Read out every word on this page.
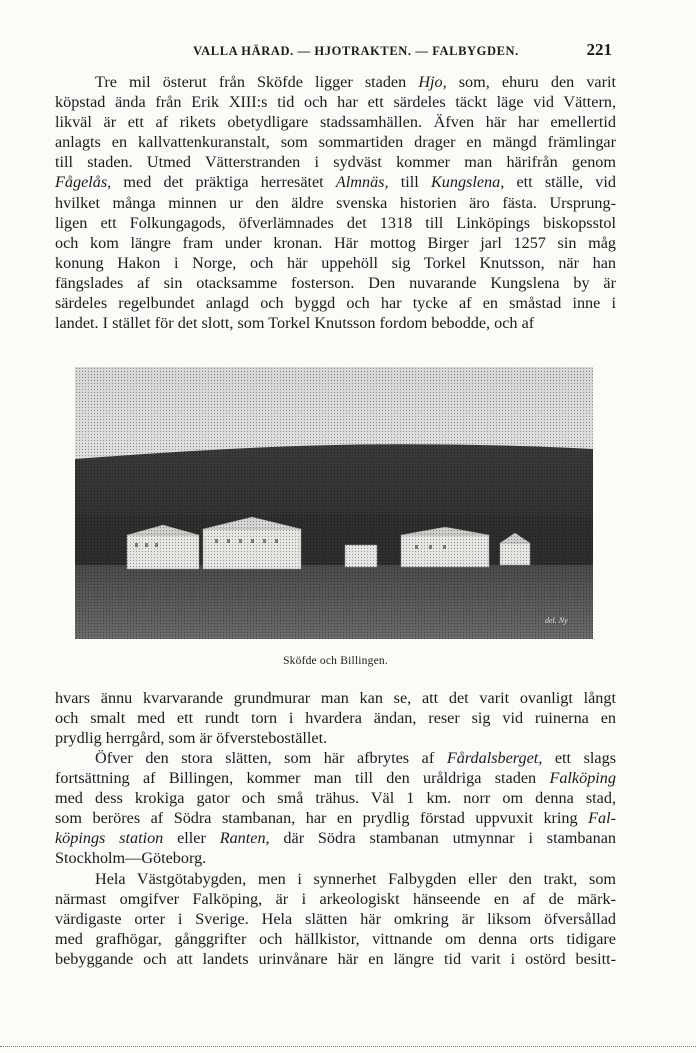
VALLA HÄRAD. — HJOTRAKTEN. — FALBYGDEN.	221

Tre mil österut från Sköfde ligger staden Hjo, som, ehuru den varit
köpstad ända från Erik XIII:s tid och har ett särdeles täckt läge vid Vättern,
likväl är ett af rikets obetydligare stadssamhällen. Äfven här har emellertid
anlagts en kallvattenkuranstalt, som sommartiden drager en mängd främlingar
till staden. Utmed Vätterstranden i sydväst kommer man härifrån genom
Fågelås, med det präktiga herresätet Almnäs, till Kungslena, ett ställe, vid
hvilket många minnen ur den äldre svenska historien äro fästa. Ursprung-
ligen ett Folkungagods, öfverlämnades det 1318 till Linköpings biskopsstol
och kom längre fram under kronan. Här mottog Birger jarl 1257 sin måg
konung Hakon i Norge, och här uppehöll sig Torkel Knutsson, när han
fängslades af sin otacksamme fosterson. Den nuvarande Kungslena by är
särdeles regelbundet anlagd och byggd och har tycke af en småstad inne i
landet. I stället för det slott, som Torkel Knutsson fordom bebodde, och af

del. Ny
Sköfde och Billingen.

hvars ännu kvarvarande grundmurar man kan se, att det varit ovanligt långt
och smalt med ett rundt torn i hvardera ändan, reser sig vid ruinerna en
prydlig herrgård, som är öfverstebostället.

Öfver den stora slätten, som här afbrytes af Fårdalsberget, ett slags
fortsättning af Billingen, kommer man till den uråldriga staden Falköping
med dess krokiga gator och små trähus. Väl 1 km. norr om denna stad,
som beröres af Södra stambanan, har en prydlig förstad uppvuxit kring Fal-
köpings station eller Ranten, där Södra stambanan utmynnar i stambanan
Stockholm—Göteborg.

Hela Västgötabygden, men i synnerhet Falbygden eller den trakt, som
närmast omgifver Falköping, är i arkeologiskt hänseende en af de märk-
värdigaste orter i Sverige. Hela slätten här omkring är liksom öfversållad
med grafhögar, gånggrifter och hällkistor, vittnande om denna orts tidigare
bebyggande och att landets urinvånare här en längre tid varit i ostörd besitt-
